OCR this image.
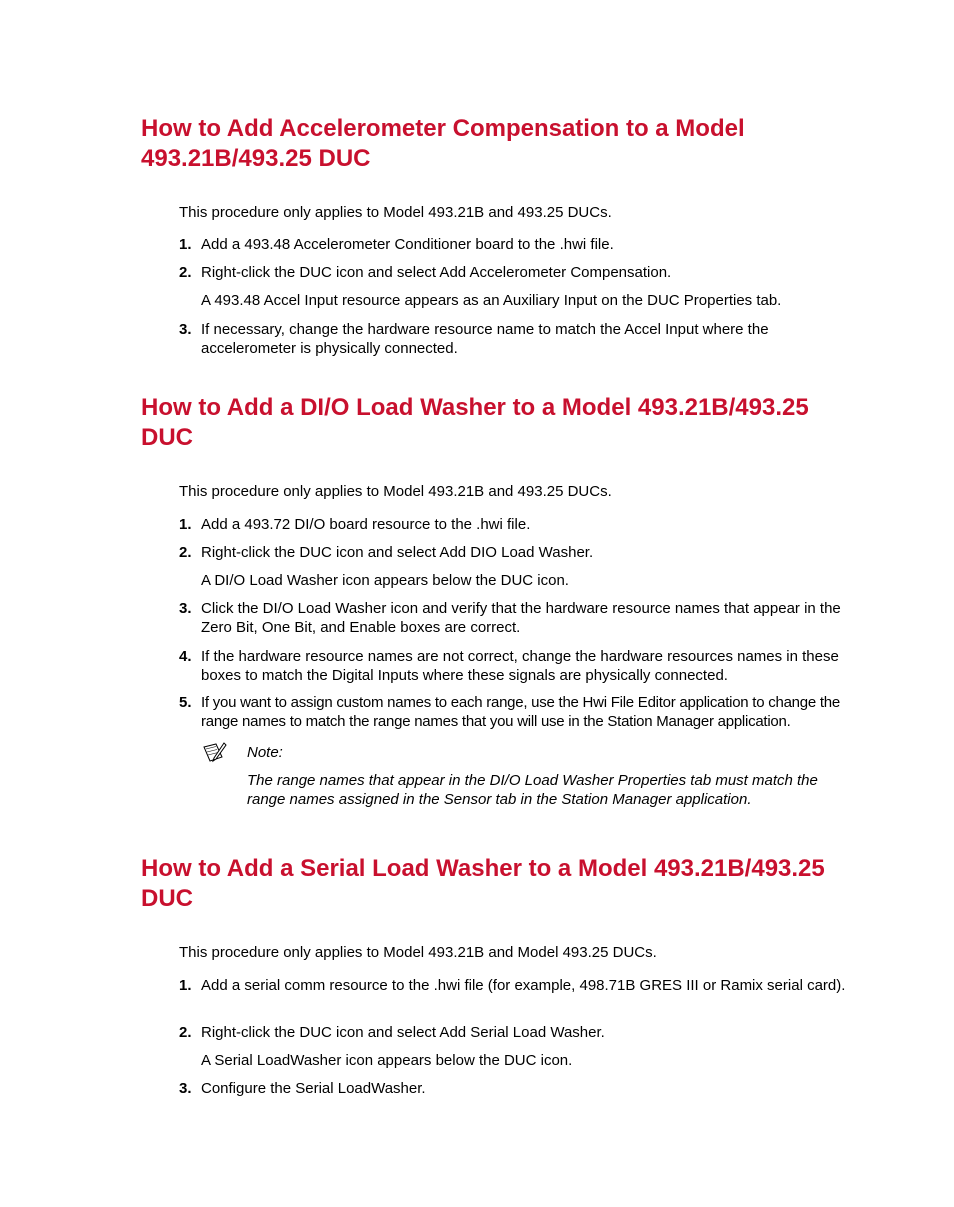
How to Add Accelerometer Compensation to a Model 493.21B/493.25 DUC

This procedure only applies to Model 493.21B and 493.25 DUCs.

1. Add a 493.48 Accelerometer Conditioner board to the .hwi file.
2. Right-click the DUC icon and select Add Accelerometer Compensation.
A 493.48 Accel Input resource appears as an Auxiliary Input on the DUC Properties tab.
3. If necessary, change the hardware resource name to match the Accel Input where the accelerometer is physically connected.
How to Add a DI/O Load Washer to a Model 493.21B/493.25 DUC

This procedure only applies to Model 493.21B and 493.25 DUCs.

1. Add a 493.72 DI/O board resource to the .hwi file.
2. Right-click the DUC icon and select Add DIO Load Washer.
A DI/O Load Washer icon appears below the DUC icon.
3. Click the DI/O Load Washer icon and verify that the hardware resource names that appear in the Zero Bit, One Bit, and Enable boxes are correct.
4. If the hardware resource names are not correct, change the hardware resources names in these boxes to match the Digital Inputs where these signals are physically connected.
5. If you want to assign custom names to each range, use the Hwi File Editor application to change the range names to match the range names that you will use in the Station Manager application.
Note:
The range names that appear in the DI/O Load Washer Properties tab must match the range names assigned in the Sensor tab in the Station Manager application.
How to Add a Serial Load Washer to a Model 493.21B/493.25 DUC

This procedure only applies to Model 493.21B and Model 493.25 DUCs.

1. Add a serial comm resource to the .hwi file (for example, 498.71B GRES III or Ramix serial card).
2. Right-click the DUC icon and select Add Serial Load Washer.
A Serial LoadWasher icon appears below the DUC icon.
3. Configure the Serial LoadWasher.
